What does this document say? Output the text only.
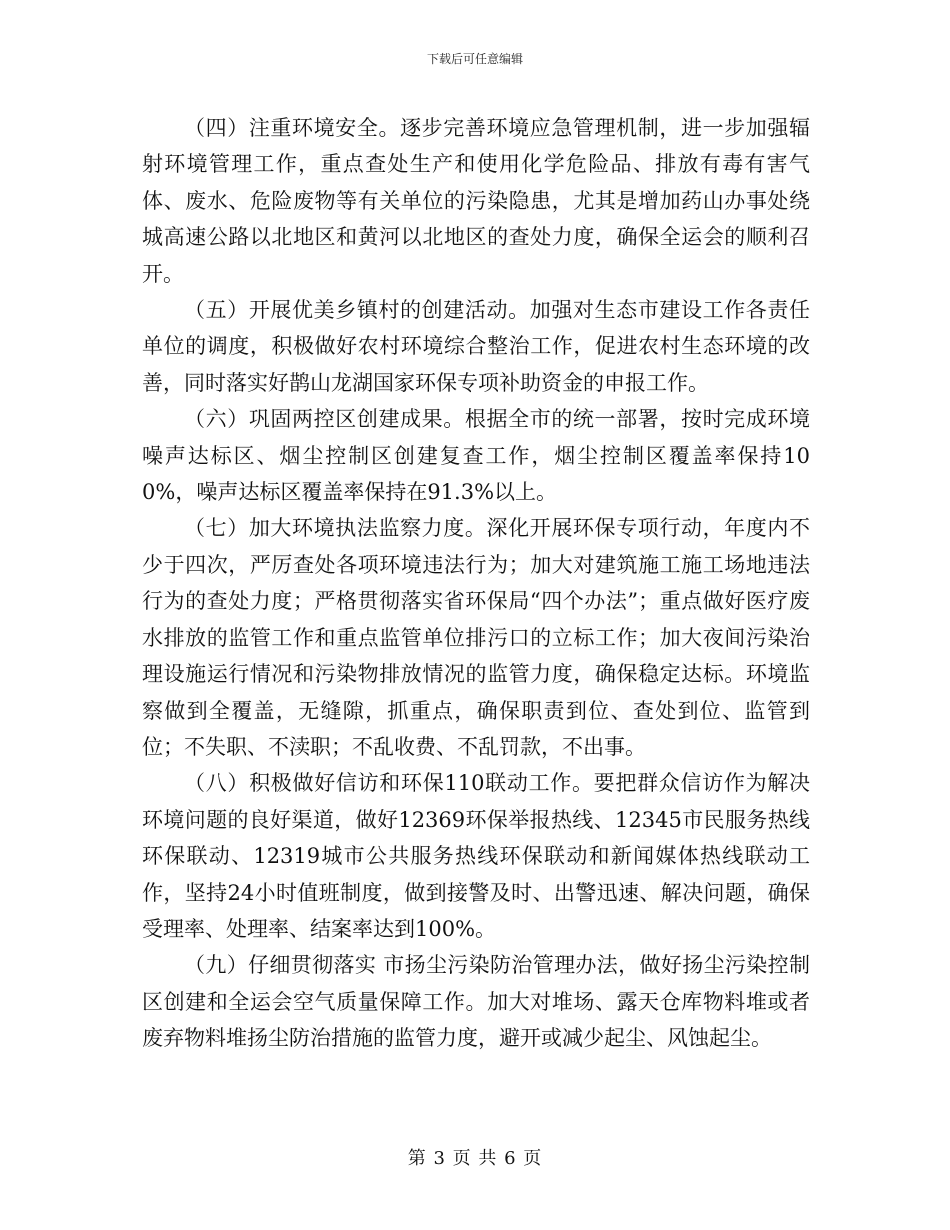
下载后可任意编辑

（四）注重环境安全。逐步完善环境应急管理机制，进一步加强辐射环境管理工作，重点查处生产和使用化学危险品、排放有毒有害气体、废水、危险废物等有关单位的污染隐患，尤其是增加药山办事处绕城高速公路以北地区和黄河以北地区的查处力度，确保全运会的顺利召开。

（五）开展优美乡镇村的创建活动。加强对生态市建设工作各责任单位的调度，积极做好农村环境综合整治工作，促进农村生态环境的改善，同时落实好鹊山龙湖国家环保专项补助资金的申报工作。

（六）巩固两控区创建成果。根据全市的统一部署，按时完成环境噪声达标区、烟尘控制区创建复查工作，烟尘控制区覆盖率保持100%，噪声达标区覆盖率保持在91.3%以上。

（七）加大环境执法监察力度。深化开展环保专项行动，年度内不少于四次，严厉查处各项环境违法行为；加大对建筑施工施工场地违法行为的查处力度；严格贯彻落实省环保局“四个办法”；重点做好医疗废水排放的监管工作和重点监管单位排污口的立标工作；加大夜间污染治理设施运行情况和污染物排放情况的监管力度，确保稳定达标。环境监察做到全覆盖，无缝隙，抓重点，确保职责到位、查处到位、监管到位；不失职、不渎职；不乱收费、不乱罚款，不出事。

（八）积极做好信访和环保110联动工作。要把群众信访作为解决环境问题的良好渠道，做好12369环保举报热线、12345市民服务热线环保联动、12319城市公共服务热线环保联动和新闻媒体热线联动工作，坚持24小时值班制度，做到接警及时、出警迅速、解决问题，确保受理率、处理率、结案率达到100%。

（九）仔细贯彻落实 市扬尘污染防治管理办法，做好扬尘污染控制区创建和全运会空气质量保障工作。加大对堆场、露天仓库物料堆或者废弃物料堆扬尘防治措施的监管力度，避开或减少起尘、风蚀起尘。

第 3 页 共 6 页
